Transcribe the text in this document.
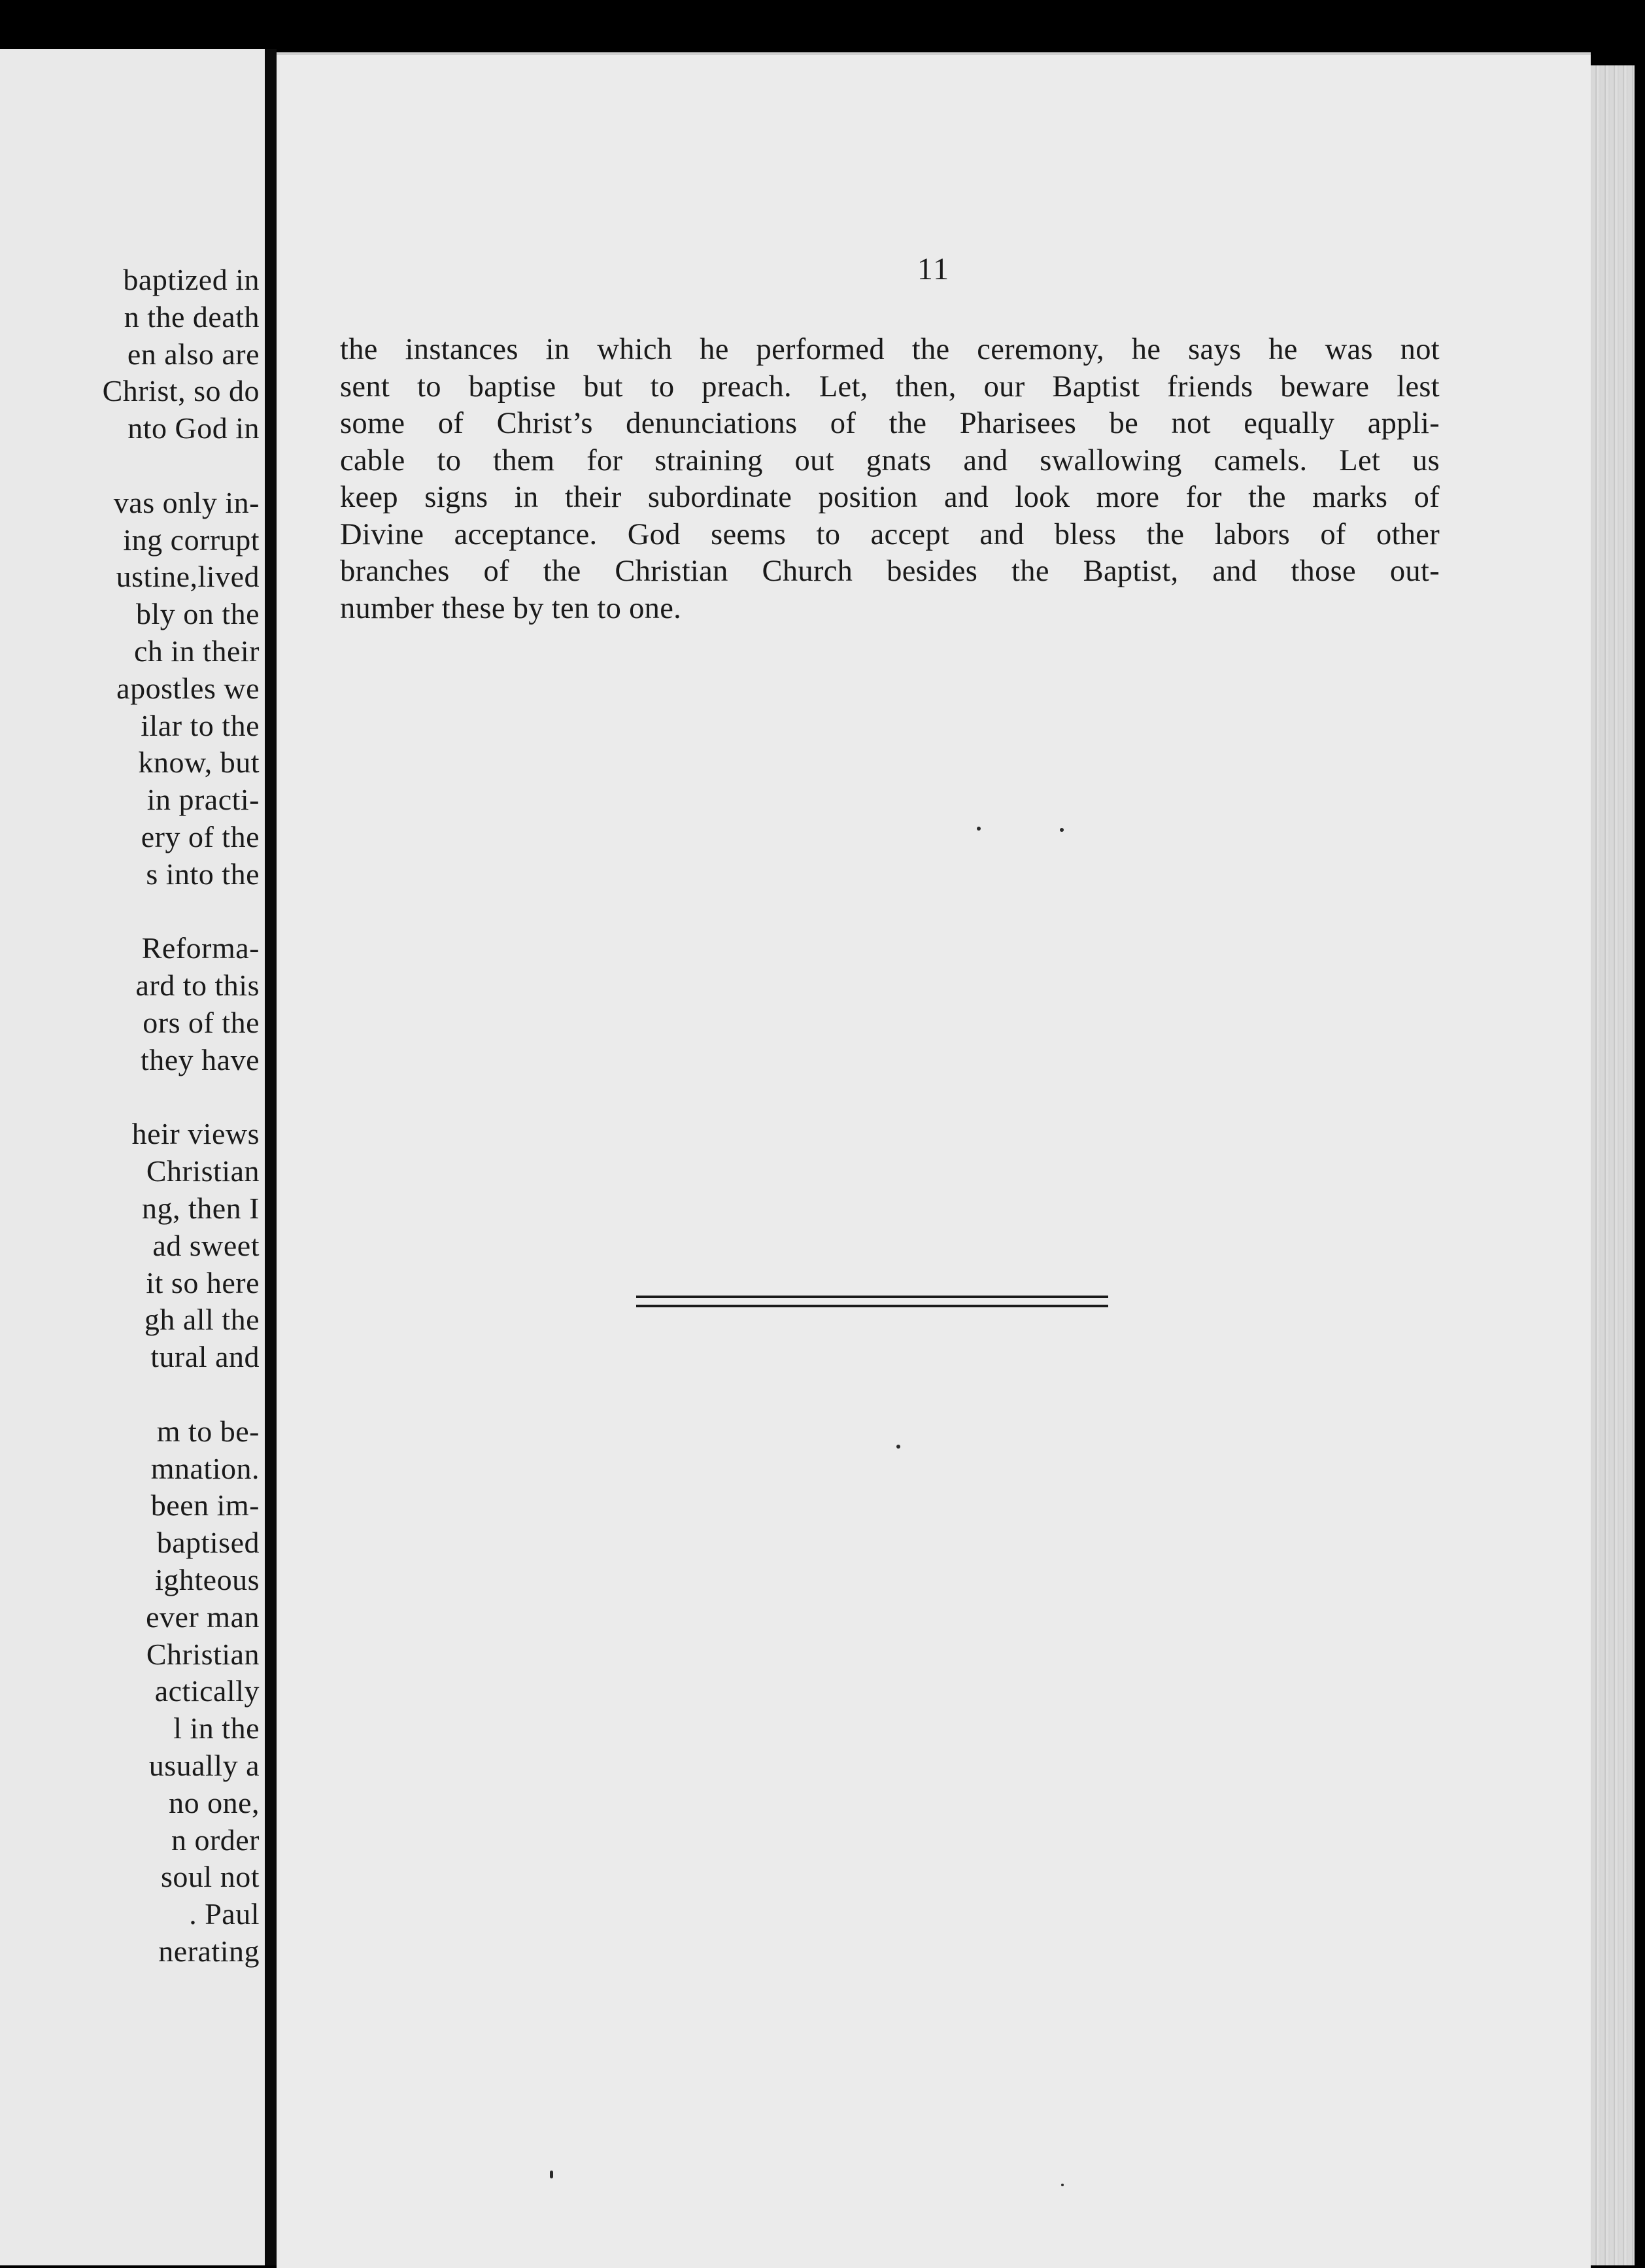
baptized in
n the death
en also are
Christ, so do
nto God in
vas only in-
ing corrupt
ustine,lived
bly on the
ch in their
apostles we
ilar to the
know, but
in practi-
ery of the
s into the
Reforma-
ard to this
ors of the
they have
heir views
Christian
ng, then I
ad sweet
it so here
gh all the
tural and
m to be-
mnation.
been im-
baptised
ighteous
ever man
Christian
actically
l in the
usually a
no one,
n order
soul not
. Paul
nerating
11
the instances in which he performed the ceremony, he says he was not
sent to baptise but to preach. Let, then, our Baptist friends beware lest
some of Christ’s denunciations of the Pharisees be not equally appli-
cable to them for straining out gnats and swallowing camels. Let us
keep signs in their subordinate position and look more for the marks of
Divine acceptance. God seems to accept and bless the labors of other
branches of the Christian Church besides the Baptist, and those out-
number these by ten to one.
